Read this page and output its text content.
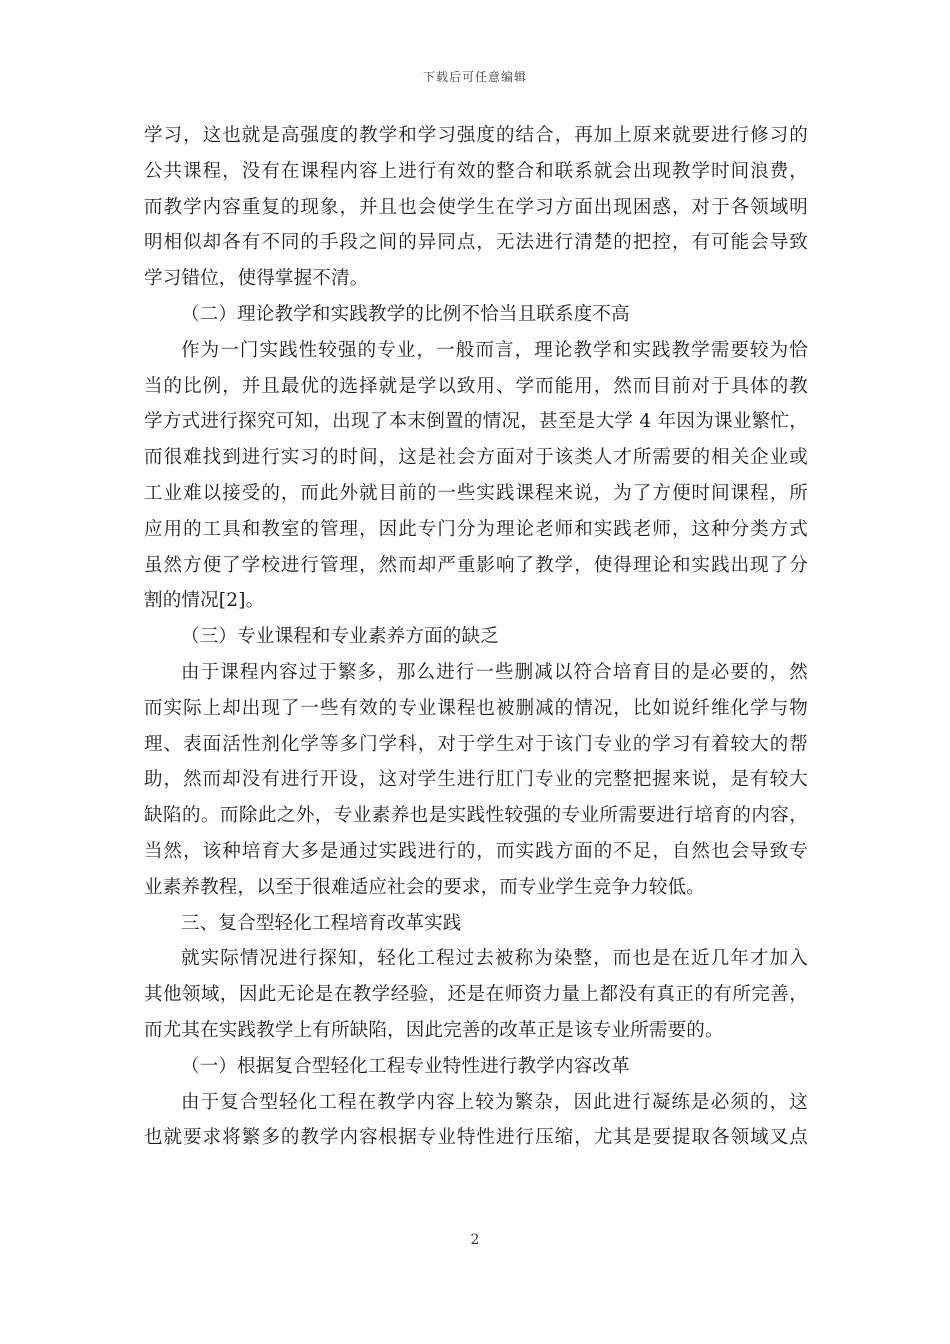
下载后可任意编辑
学习，这也就是高强度的教学和学习强度的结合，再加上原来就要进行修习的
公共课程，没有在课程内容上进行有效的整合和联系就会出现教学时间浪费，
而教学内容重复的现象，并且也会使学生在学习方面出现困惑，对于各领域明
明相似却各有不同的手段之间的异同点，无法进行清楚的把控，有可能会导致
学习错位，使得掌握不清。
（二）理论教学和实践教学的比例不恰当且联系度不高
作为一门实践性较强的专业，一般而言，理论教学和实践教学需要较为恰
当的比例，并且最优的选择就是学以致用、学而能用，然而目前对于具体的教
学方式进行探究可知，出现了本末倒置的情况，甚至是大学 4 年因为课业繁忙，
而很难找到进行实习的时间，这是社会方面对于该类人才所需要的相关企业或
工业难以接受的，而此外就目前的一些实践课程来说，为了方便时间课程，所
应用的工具和教室的管理，因此专门分为理论老师和实践老师，这种分类方式
虽然方便了学校进行管理，然而却严重影响了教学，使得理论和实践出现了分
割的情况[2]。
（三）专业课程和专业素养方面的缺乏
由于课程内容过于繁多，那么进行一些删减以符合培育目的是必要的，然
而实际上却出现了一些有效的专业课程也被删减的情况，比如说纤维化学与物
理、表面活性剂化学等多门学科，对于学生对于该门专业的学习有着较大的帮
助，然而却没有进行开设，这对学生进行肛门专业的完整把握来说，是有较大
缺陷的。而除此之外，专业素养也是实践性较强的专业所需要进行培育的内容，
当然，该种培育大多是通过实践进行的，而实践方面的不足，自然也会导致专
业素养教程，以至于很难适应社会的要求，而专业学生竞争力较低。
三、复合型轻化工程培育改革实践
就实际情况进行探知，轻化工程过去被称为染整，而也是在近几年才加入
其他领域，因此无论是在教学经验，还是在师资力量上都没有真正的有所完善，
而尤其在实践教学上有所缺陷，因此完善的改革正是该专业所需要的。
（一）根据复合型轻化工程专业特性进行教学内容改革
由于复合型轻化工程在教学内容上较为繁杂，因此进行凝练是必须的，这
也就要求将繁多的教学内容根据专业特性进行压缩，尤其是要提取各领域叉点
2
